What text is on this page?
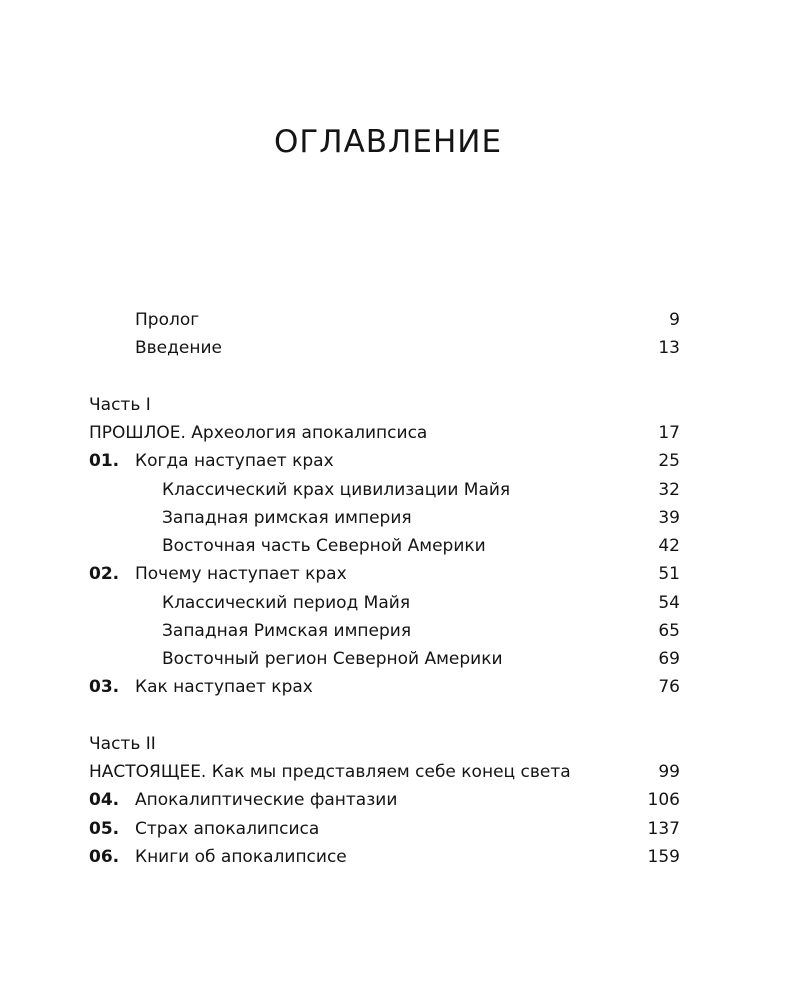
ОГЛАВЛЕНИЕ
Пролог	9
Введение	13
Часть I
ПРОШЛОЕ. Археология апокалипсиса	17
01. Когда наступает крах	25
Классический крах цивилизации Майя	32
Западная римская империя	39
Восточная часть Северной Америки	42
02. Почему наступает крах	51
Классический период Майя	54
Западная Римская империя	65
Восточный регион Северной Америки	69
03. Как наступает крах	76
Часть II
НАСТОЯЩЕЕ. Как мы представляем себе конец света	99
04. Апокалиптические фантазии	106
05. Страх апокалипсиса	137
06. Книги об апокалипсисе	159
